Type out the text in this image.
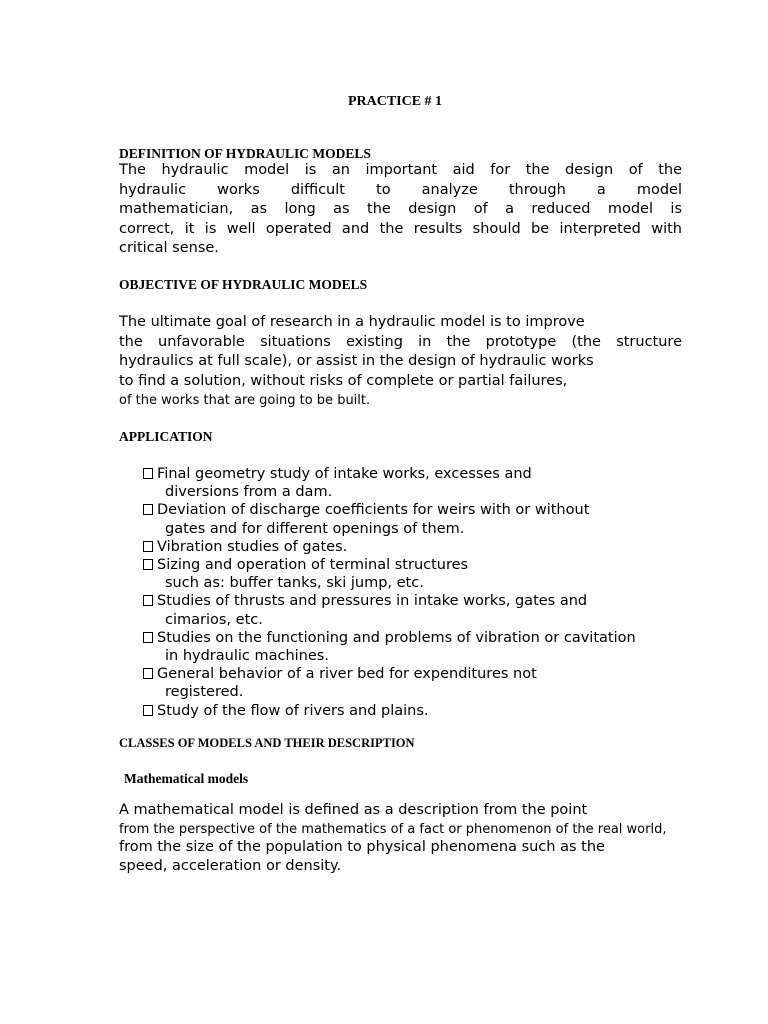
PRACTICE # 1
DEFINITION OF HYDRAULIC MODELS
The hydraulic model is an important aid for the design of the
hydraulic works difficult to analyze through a model
mathematician, as long as the design of a reduced model is
correct, it is well operated and the results should be interpreted with
critical sense.
OBJECTIVE OF HYDRAULIC MODELS
The ultimate goal of research in a hydraulic model is to improve
the unfavorable situations existing in the prototype (the structure
hydraulics at full scale), or assist in the design of hydraulic works
to find a solution, without risks of complete or partial failures,
of the works that are going to be built.
APPLICATION
Final geometry study of intake works, excesses and
diversions from a dam.
Deviation of discharge coefficients for weirs with or without
gates and for different openings of them.
Vibration studies of gates.
Sizing and operation of terminal structures
such as: buffer tanks, ski jump, etc.
Studies of thrusts and pressures in intake works, gates and
cimarios, etc.
Studies on the functioning and problems of vibration or cavitation
in hydraulic machines.
General behavior of a river bed for expenditures not
registered.
Study of the flow of rivers and plains.
CLASSES OF MODELS AND THEIR DESCRIPTION
Mathematical models
A mathematical model is defined as a description from the point
from the perspective of the mathematics of a fact or phenomenon of the real world,
from the size of the population to physical phenomena such as the
speed, acceleration or density.
